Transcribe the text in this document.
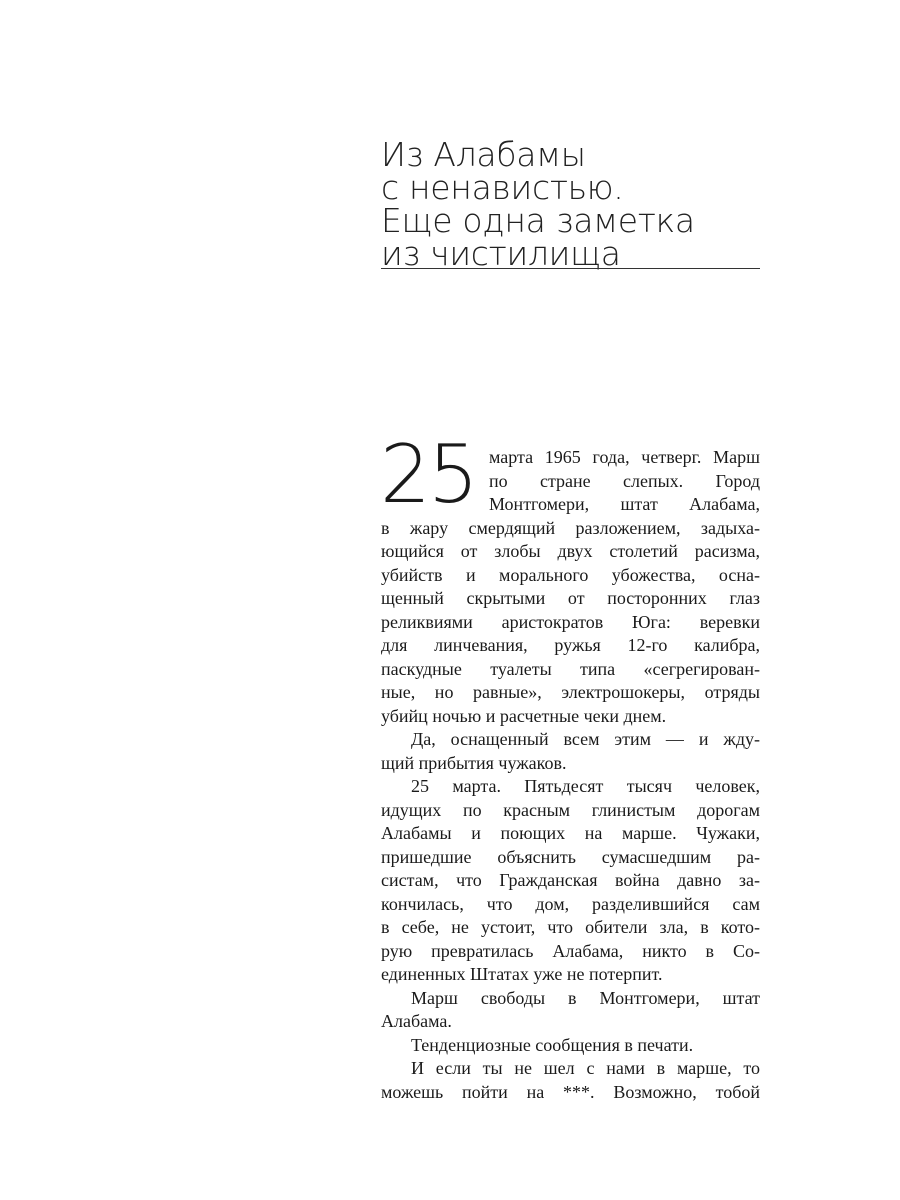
Из Алабамы
с ненавистью.
Еще одна заметка
из чистилища
25 марта 1965 года, четверг. Марш
по стране слепых. Город
Монтгомери, штат Алабама,
в жару смердящий разложением, задыха-
ющийся от злобы двух столетий расизма,
убийств и морального убожества, осна-
щенный скрытыми от посторонних глаз
реликвиями аристократов Юга: веревки
для линчевания, ружья 12-го калибра,
паскудные туалеты типа «сегрегирован-
ные, но равные», электрошокеры, отряды
убийц ночью и расчетные чеки днем.
Да, оснащенный всем этим — и жду-
щий прибытия чужаков.
25 марта. Пятьдесят тысяч человек,
идущих по красным глинистым дорогам
Алабамы и поющих на марше. Чужаки,
пришедшие объяснить сумасшедшим ра-
систам, что Гражданская война давно за-
кончилась, что дом, разделившийся сам
в себе, не устоит, что обители зла, в кото-
рую превратилась Алабама, никто в Со-
единенных Штатах уже не потерпит.
Марш свободы в Монтгомери, штат
Алабама.
Тенденциозные сообщения в печати.
И если ты не шел с нами в марше, то
можешь пойти на ***. Возможно, тобой
